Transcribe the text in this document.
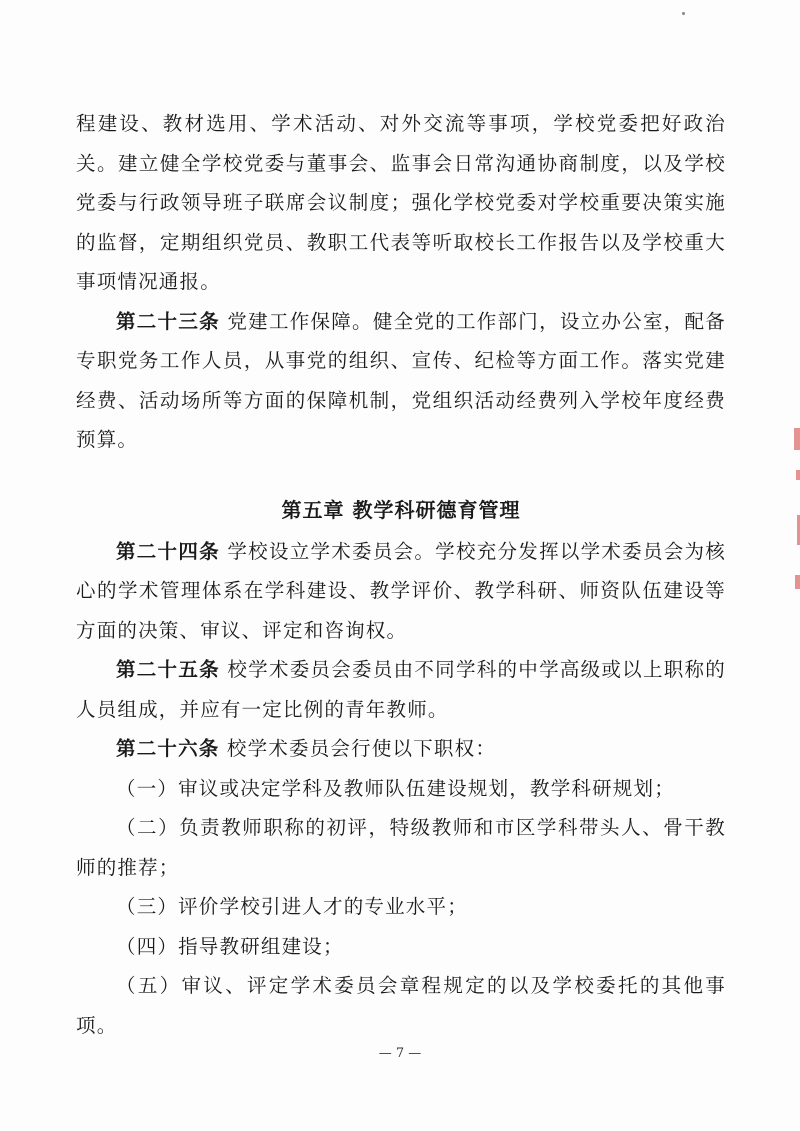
程建设、教材选用、学术活动、对外交流等事项，学校党委把好政治关。建立健全学校党委与董事会、监事会日常沟通协商制度，以及学校党委与行政领导班子联席会议制度；强化学校党委对学校重要决策实施的监督，定期组织党员、教职工代表等听取校长工作报告以及学校重大事项情况通报。

第二十三条 党建工作保障。健全党的工作部门，设立办公室，配备专职党务工作人员，从事党的组织、宣传、纪检等方面工作。落实党建经费、活动场所等方面的保障机制，党组织活动经费列入学校年度经费预算。

第五章 教学科研德育管理

第二十四条 学校设立学术委员会。学校充分发挥以学术委员会为核心的学术管理体系在学科建设、教学评价、教学科研、师资队伍建设等方面的决策、审议、评定和咨询权。

第二十五条 校学术委员会委员由不同学科的中学高级或以上职称的人员组成，并应有一定比例的青年教师。

第二十六条 校学术委员会行使以下职权：

（一）审议或决定学科及教师队伍建设规划，教学科研规划；

（二）负责教师职称的初评，特级教师和市区学科带头人、骨干教师的推荐；

（三）评价学校引进人才的专业水平；

（四）指导教研组建设；

（五）审议、评定学术委员会章程规定的以及学校委托的其他事项。

— 7 —
